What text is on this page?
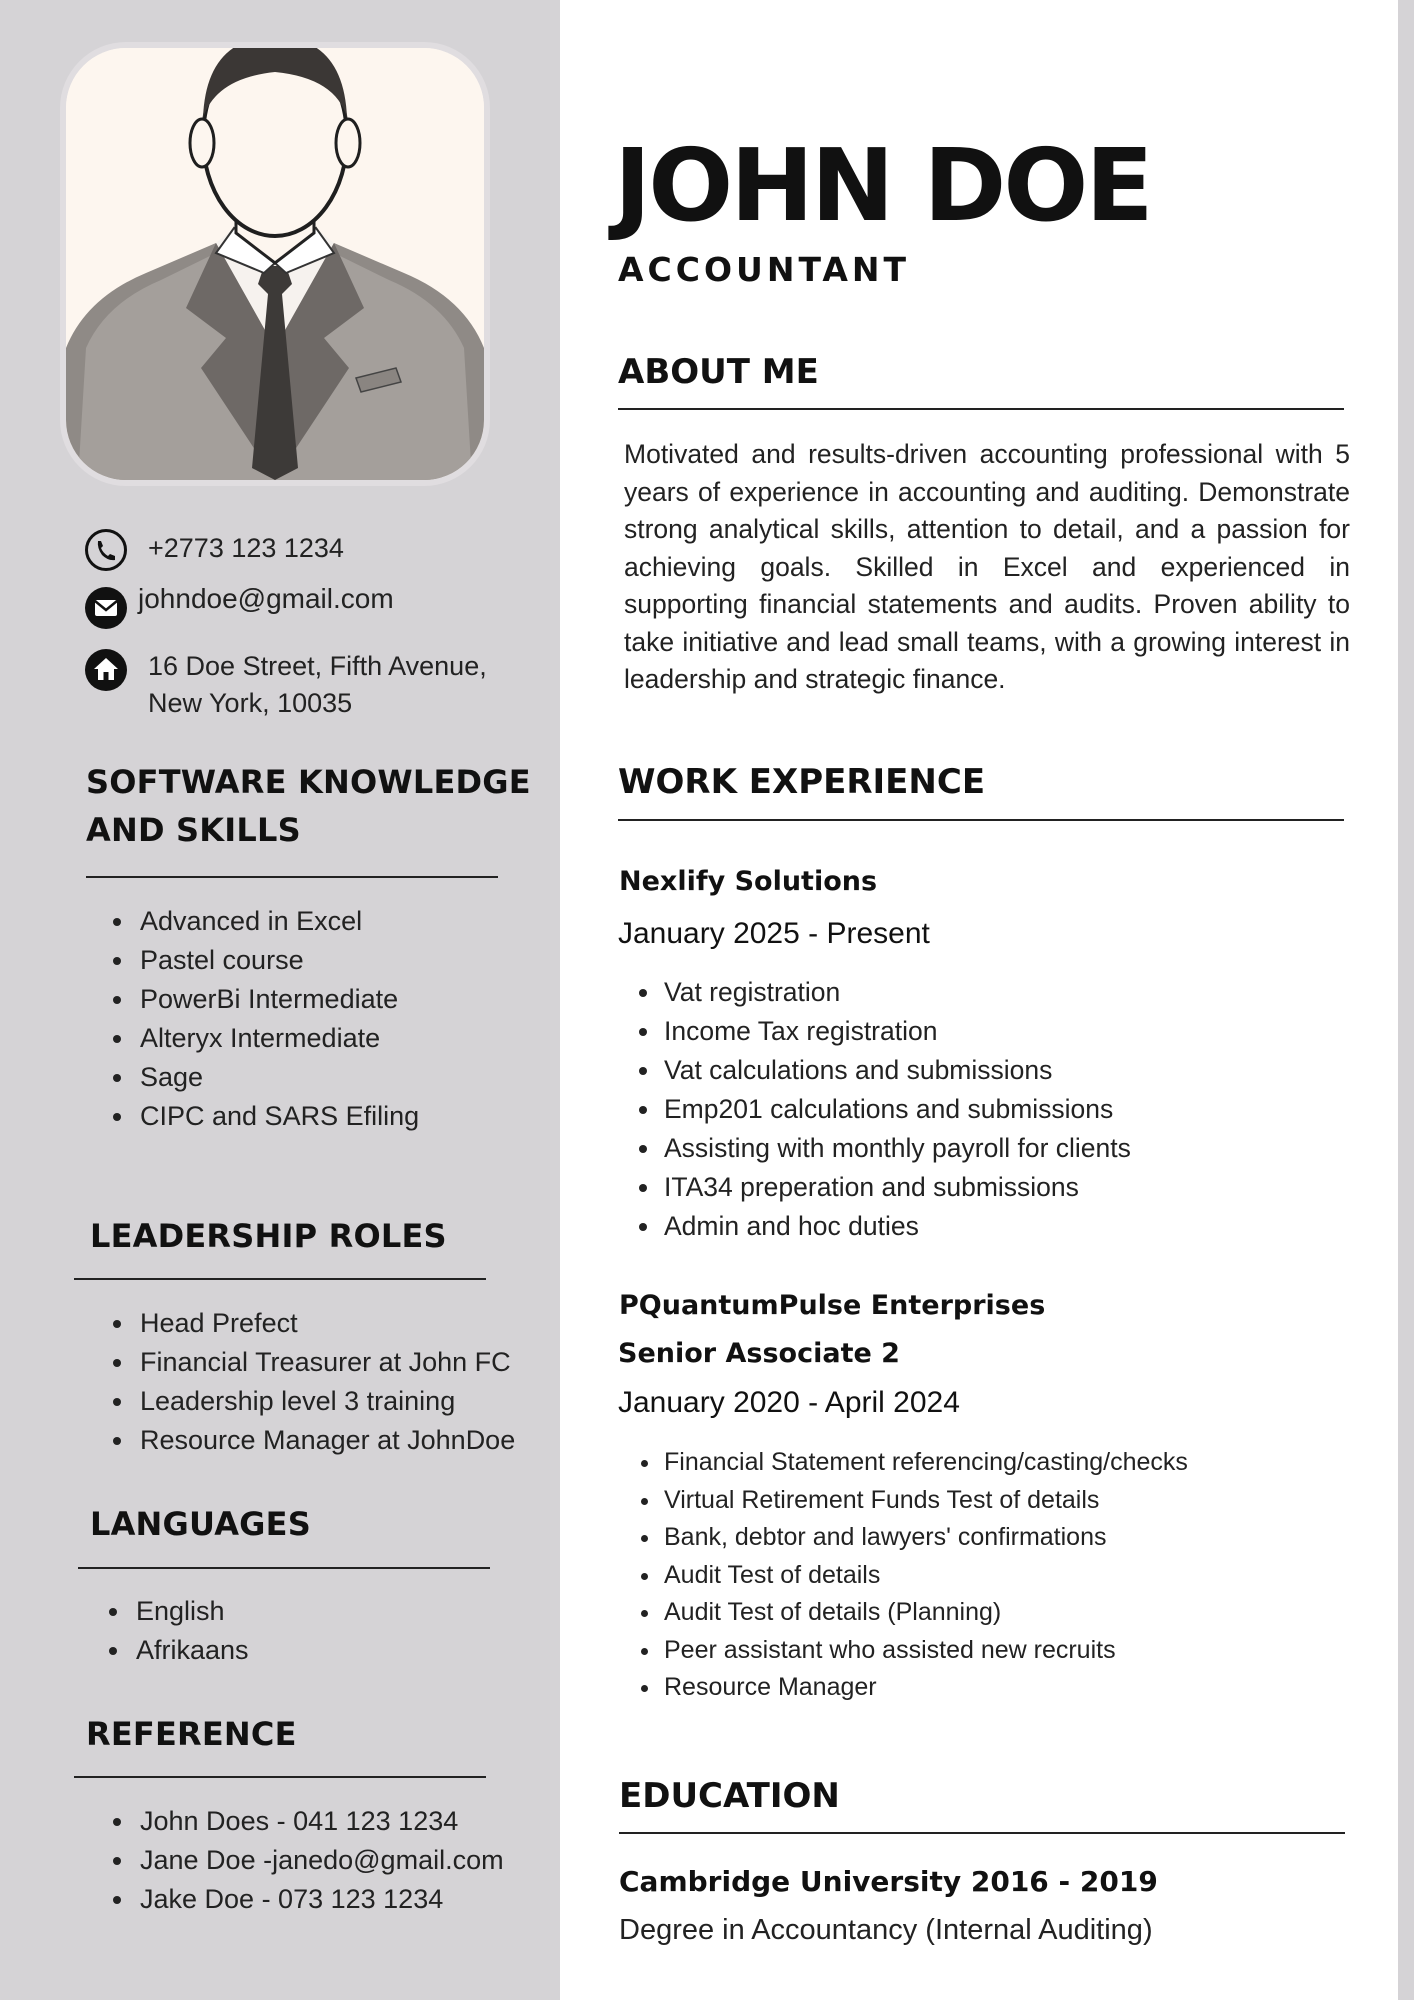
+2773 123 1234
johndoe@gmail.com
16 Doe Street, Fifth Avenue,
New York, 10035
SOFTWARE KNOWLEDGE
AND SKILLS
• Advanced in Excel
• Pastel course
• PowerBi Intermediate
• Alteryx Intermediate
• Sage
• CIPC and SARS Efiling
LEADERSHIP ROLES
• Head Prefect
• Financial Treasurer at John FC
• Leadership level 3 training
• Resource Manager at JohnDoe
LANGUAGES
• English
• Afrikaans
REFERENCE
• John Does - 041 123 1234
• Jane Doe -janedo@gmail.com
• Jake Doe - 073 123 1234
JOHN DOE
ACCOUNTANT
ABOUT ME

Motivated and results-driven accounting professional with 5 years of experience in accounting and auditing. Demonstrate strong analytical skills, attention to detail, and a passion for achieving goals. Skilled in Excel and experienced in supporting financial statements and audits. Proven ability to take initiative and lead small teams, with a growing interest in leadership and strategic finance.

WORK EXPERIENCE
Nexlify Solutions
January 2025 - Present
• Vat registration
• Income Tax registration
• Vat calculations and submissions
• Emp201 calculations and submissions
• Assisting with monthly payroll for clients
• ITA34 preperation and submissions
• Admin and hoc duties
PQuantumPulse Enterprises
Senior Associate 2
January 2020 - April 2024
• Financial Statement referencing/casting/checks
• Virtual Retirement Funds Test of details
• Bank, debtor and lawyers' confirmations
• Audit Test of details
• Audit Test of details (Planning)
• Peer assistant who assisted new recruits
• Resource Manager
EDUCATION
Cambridge University 2016 - 2019
Degree in Accountancy (Internal Auditing)
